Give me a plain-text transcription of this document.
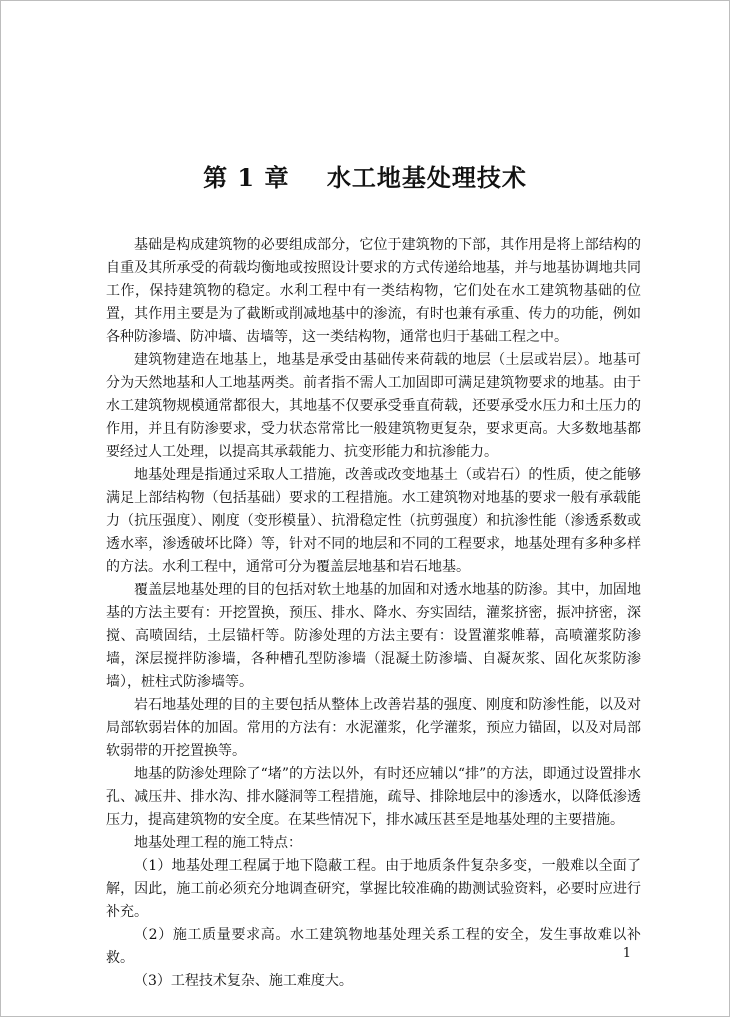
第 1 章    水工地基处理技术

基础是构成建筑物的必要组成部分，它位于建筑物的下部，其作用是将上部结构的自重及其所承受的荷载均衡地或按照设计要求的方式传递给地基，并与地基协调地共同工作，保持建筑物的稳定。水利工程中有一类结构物，它们处在水工建筑物基础的位置，其作用主要是为了截断或削减地基中的渗流，有时也兼有承重、传力的功能，例如各种防渗墙、防冲墙、齿墙等，这一类结构物，通常也归于基础工程之中。

建筑物建造在地基上，地基是承受由基础传来荷载的地层（土层或岩层）。地基可分为天然地基和人工地基两类。前者指不需人工加固即可满足建筑物要求的地基。由于水工建筑物规模通常都很大，其地基不仅要承受垂直荷载，还要承受水压力和土压力的作用，并且有防渗要求，受力状态常常比一般建筑物更复杂，要求更高。大多数地基都要经过人工处理，以提高其承载能力、抗变形能力和抗渗能力。

地基处理是指通过采取人工措施，改善或改变地基土（或岩石）的性质，使之能够满足上部结构物（包括基础）要求的工程措施。水工建筑物对地基的要求一般有承载能力（抗压强度）、刚度（变形模量）、抗滑稳定性（抗剪强度）和抗渗性能（渗透系数或透水率，渗透破坏比降）等，针对不同的地层和不同的工程要求，地基处理有多种多样的方法。水利工程中，通常可分为覆盖层地基和岩石地基。

覆盖层地基处理的目的包括对软土地基的加固和对透水地基的防渗。其中，加固地基的方法主要有：开挖置换，预压、排水、降水、夯实固结，灌浆挤密，振冲挤密，深搅、高喷固结，土层锚杆等。防渗处理的方法主要有：设置灌浆帷幕，高喷灌浆防渗墙，深层搅拌防渗墙，各种槽孔型防渗墙（混凝土防渗墙、自凝灰浆、固化灰浆防渗墙），桩柱式防渗墙等。

岩石地基处理的目的主要包括从整体上改善岩基的强度、刚度和防渗性能，以及对局部软弱岩体的加固。常用的方法有：水泥灌浆，化学灌浆，预应力锚固，以及对局部软弱带的开挖置换等。

地基的防渗处理除了“堵”的方法以外，有时还应辅以“排”的方法，即通过设置排水孔、减压井、排水沟、排水隧洞等工程措施，疏导、排除地层中的渗透水，以降低渗透压力，提高建筑物的安全度。在某些情况下，排水减压甚至是地基处理的主要措施。

地基处理工程的施工特点：

（1）地基处理工程属于地下隐蔽工程。由于地质条件复杂多变，一般难以全面了解，因此，施工前必须充分地调查研究，掌握比较准确的勘测试验资料，必要时应进行补充。

（2）施工质量要求高。水工建筑物地基处理关系工程的安全，发生事故难以补救。

（3）工程技术复杂、施工难度大。

1
